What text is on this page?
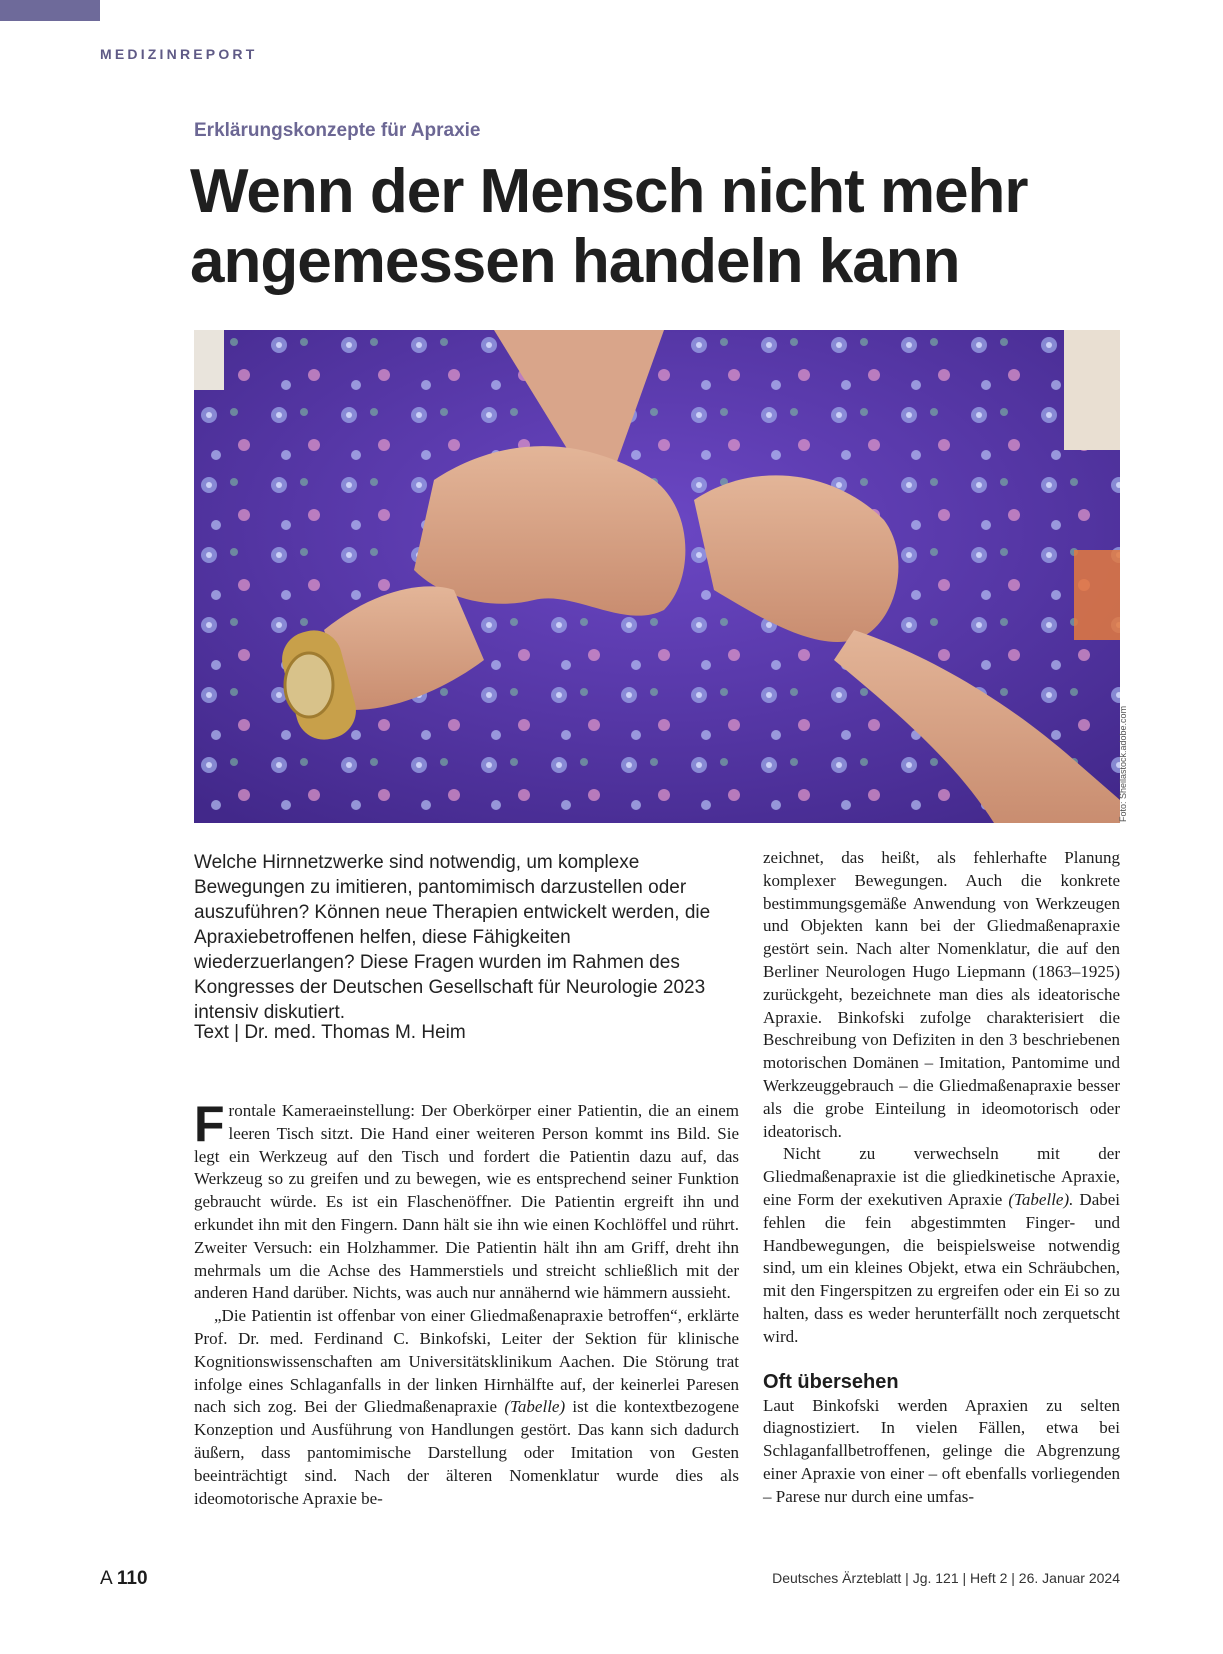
MEDIZINREPORT
Erklärungskonzepte für Apraxie
Wenn der Mensch nicht mehr angemessen handeln kann
Foto: Sheilastock.adobe.com

Welche Hirnnetzwerke sind notwendig, um komplexe Bewegungen zu imitieren, pantomimisch darzustellen oder auszuführen? Können neue Therapien entwickelt werden, die Apraxiebetroffenen helfen, diese Fähigkeiten wiederzuerlangen? Diese Fragen wurden im Rahmen des Kongresses der Deutschen Gesellschaft für Neurologie 2023 intensiv diskutiert.

Text | Dr. med. Thomas M. Heim

Frontale Kameraeinstellung: Der Oberkörper einer Patientin, die an einem leeren Tisch sitzt. Die Hand einer weiteren Person kommt ins Bild. Sie legt ein Werkzeug auf den Tisch und fordert die Patientin dazu auf, das Werkzeug so zu greifen und zu bewegen, wie es entsprechend seiner Funktion gebraucht würde. Es ist ein Flaschenöffner. Die Patientin ergreift ihn und erkundet ihn mit den Fingern. Dann hält sie ihn wie einen Kochlöffel und rührt. Zweiter Versuch: ein Holzhammer. Die Patientin hält ihn am Griff, dreht ihn mehrmals um die Achse des Hammerstiels und streicht schließlich mit der anderen Hand darüber. Nichts, was auch nur annähernd wie hämmern aussieht.

„Die Patientin ist offenbar von einer Gliedmaßenapraxie betroffen“, erklärte Prof. Dr. med. Ferdinand C. Binkofski, Leiter der Sektion für klinische Kognitionswissenschaften am Universitätsklinikum Aachen. Die Störung trat infolge eines Schlaganfalls in der linken Hirnhälfte auf, der keinerlei Paresen nach sich zog. Bei der Gliedmaßenapraxie (Tabelle) ist die kontextbezogene Konzeption und Ausführung von Handlungen gestört. Das kann sich dadurch äußern, dass pantomimische Darstellung oder Imitation von Gesten beeinträchtigt sind. Nach der älteren Nomenklatur wurde dies als ideomotorische Apraxie be-

zeichnet, das heißt, als fehlerhafte Planung komplexer Bewegungen. Auch die konkrete bestimmungsgemäße Anwendung von Werkzeugen und Objekten kann bei der Gliedmaßenapraxie gestört sein. Nach alter Nomenklatur, die auf den Berliner Neurologen Hugo Liepmann (1863–1925) zurückgeht, bezeichnete man dies als ideatorische Apraxie. Binkofski zufolge charakterisiert die Beschreibung von Defiziten in den 3 beschriebenen motorischen Domänen – Imitation, Pantomime und Werkzeuggebrauch – die Gliedmaßenapraxie besser als die grobe Einteilung in ideomotorisch oder ideatorisch.

Nicht zu verwechseln mit der Gliedmaßenapraxie ist die gliedkinetische Apraxie, eine Form der exekutiven Apraxie (Tabelle). Dabei fehlen die fein abgestimmten Finger- und Handbewegungen, die beispielsweise notwendig sind, um ein kleines Objekt, etwa ein Schräubchen, mit den Fingerspitzen zu ergreifen oder ein Ei so zu halten, dass es weder herunterfällt noch zerquetscht wird.

Oft übersehen

Laut Binkofski werden Apraxien zu selten diagnostiziert. In vielen Fällen, etwa bei Schlaganfallbetroffenen, gelinge die Abgrenzung einer Apraxie von einer – oft ebenfalls vorliegenden – Parese nur durch eine umfas-

A 110	Deutsches Ärzteblatt | Jg. 121 | Heft 2 | 26. Januar 2024
